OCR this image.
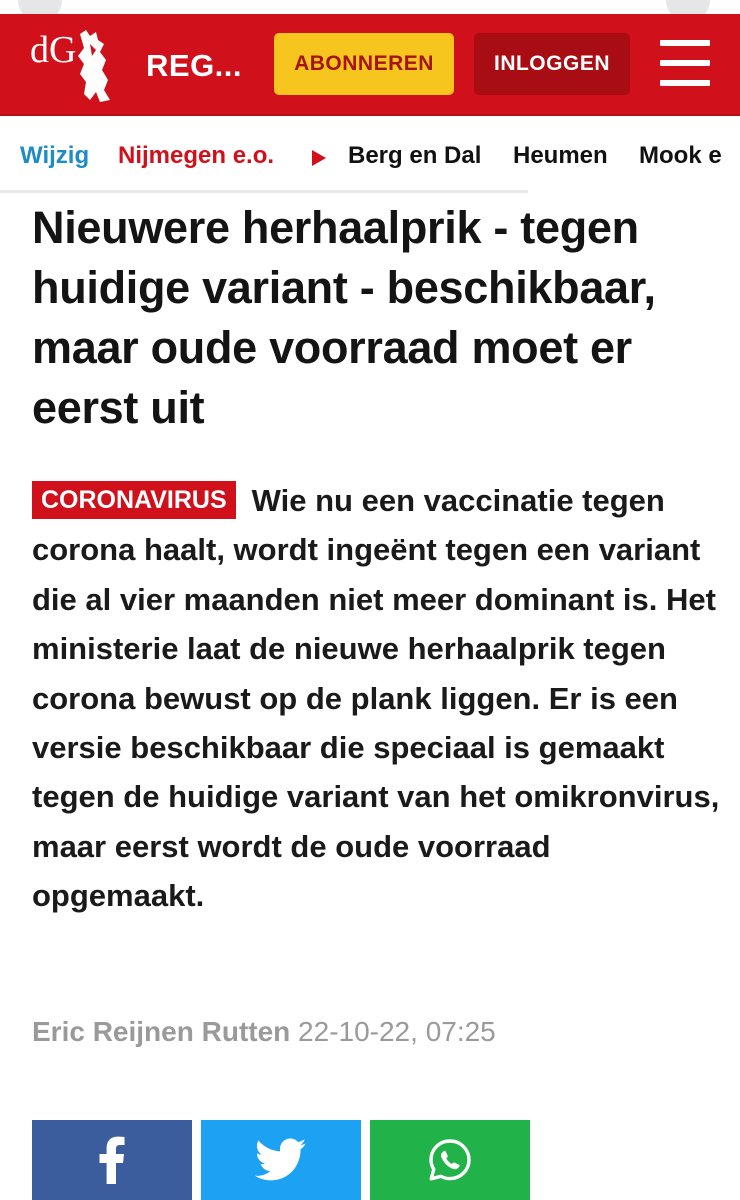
dG REG...	ABONNEREN	INLOGGEN
Wijzig Nijmegen e.o.	Berg en Dal Heumen Mook e
Nieuwere herhaalprik - tegen huidige variant - beschikbaar, maar oude voorraad moet er eerst uit

CORONAVIRUS Wie nu een vaccinatie tegen corona haalt, wordt ingeënt tegen een variant die al vier maanden niet meer dominant is. Het ministerie laat de nieuwe herhaalprik tegen corona bewust op de plank liggen. Er is een versie beschikbaar die speciaal is gemaakt tegen de huidige variant van het omikronvirus, maar eerst wordt de oude voorraad opgemaakt.

Eric Reijnen Rutten 22-10-22, 07:25
